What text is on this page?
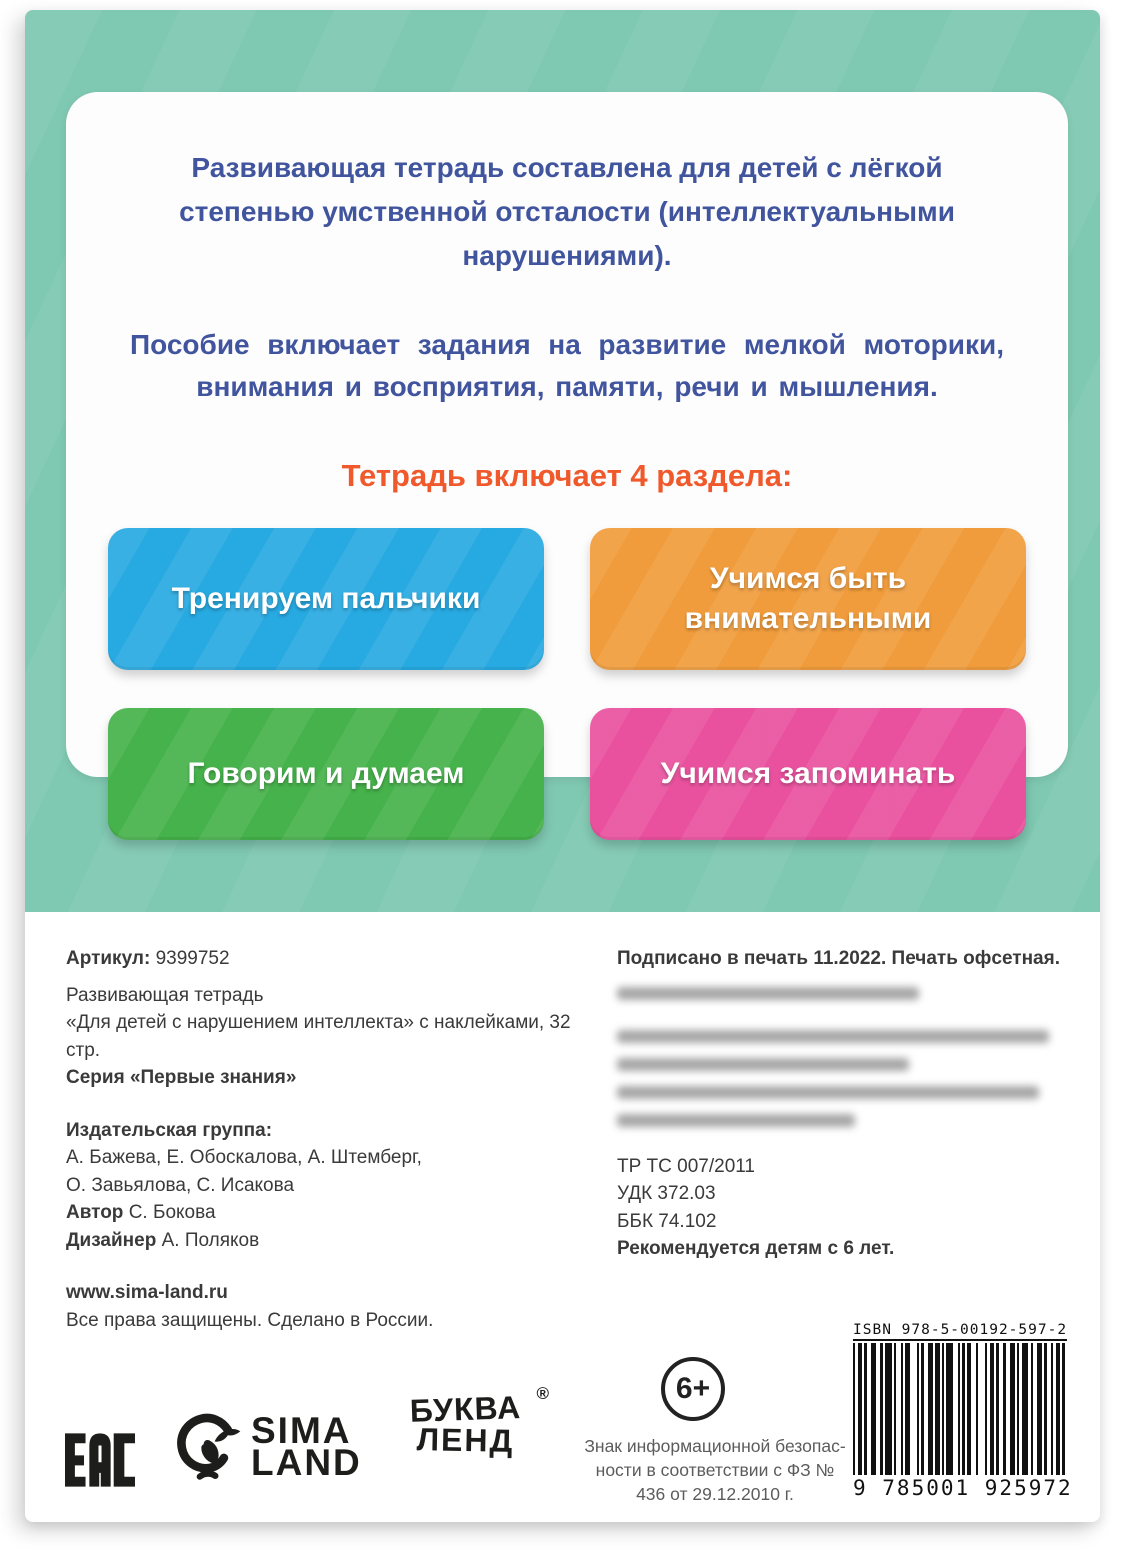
Развивающая тетрадь составлена для детей с лёгкой степенью умственной отсталости (интеллектуальными нарушениями).

Пособие включает задания на развитие мелкой моторики, внимания и восприятия, памяти, речи и мышления.

Тетрадь включает 4 раздела:

Тренируем пальчики
Учимся быть внимательными
Говорим и думаем	Учимся запоминать

Артикул: 9399752

Развивающая тетрадь

«Для детей с нарушением интеллекта» с наклейками, 32 стр.

Серия «Первые знания»

Издательская группа:

А. Бажева, Е. Обоскалова, А. Штемберг,

О. Завьялова, С. Исакова

Автор С. Бокова

Дизайнер А. Поляков

www.sima-land.ru

Все права защищены. Сделано в России.

Подписано в печать 11.2022. Печать офсетная.

ТР ТС 007/2011

УДК 372.03

ББК 74.102

Рекомендуется детям с 6 лет.

SIMA
LAND
®
БУКВА
ЛЕНД
6+
Знак информационной безопас-
ности в соответствии с ФЗ №
436 от 29.12.2010 г.
ISBN 978-5-00192-597-2
9 785001 925972
